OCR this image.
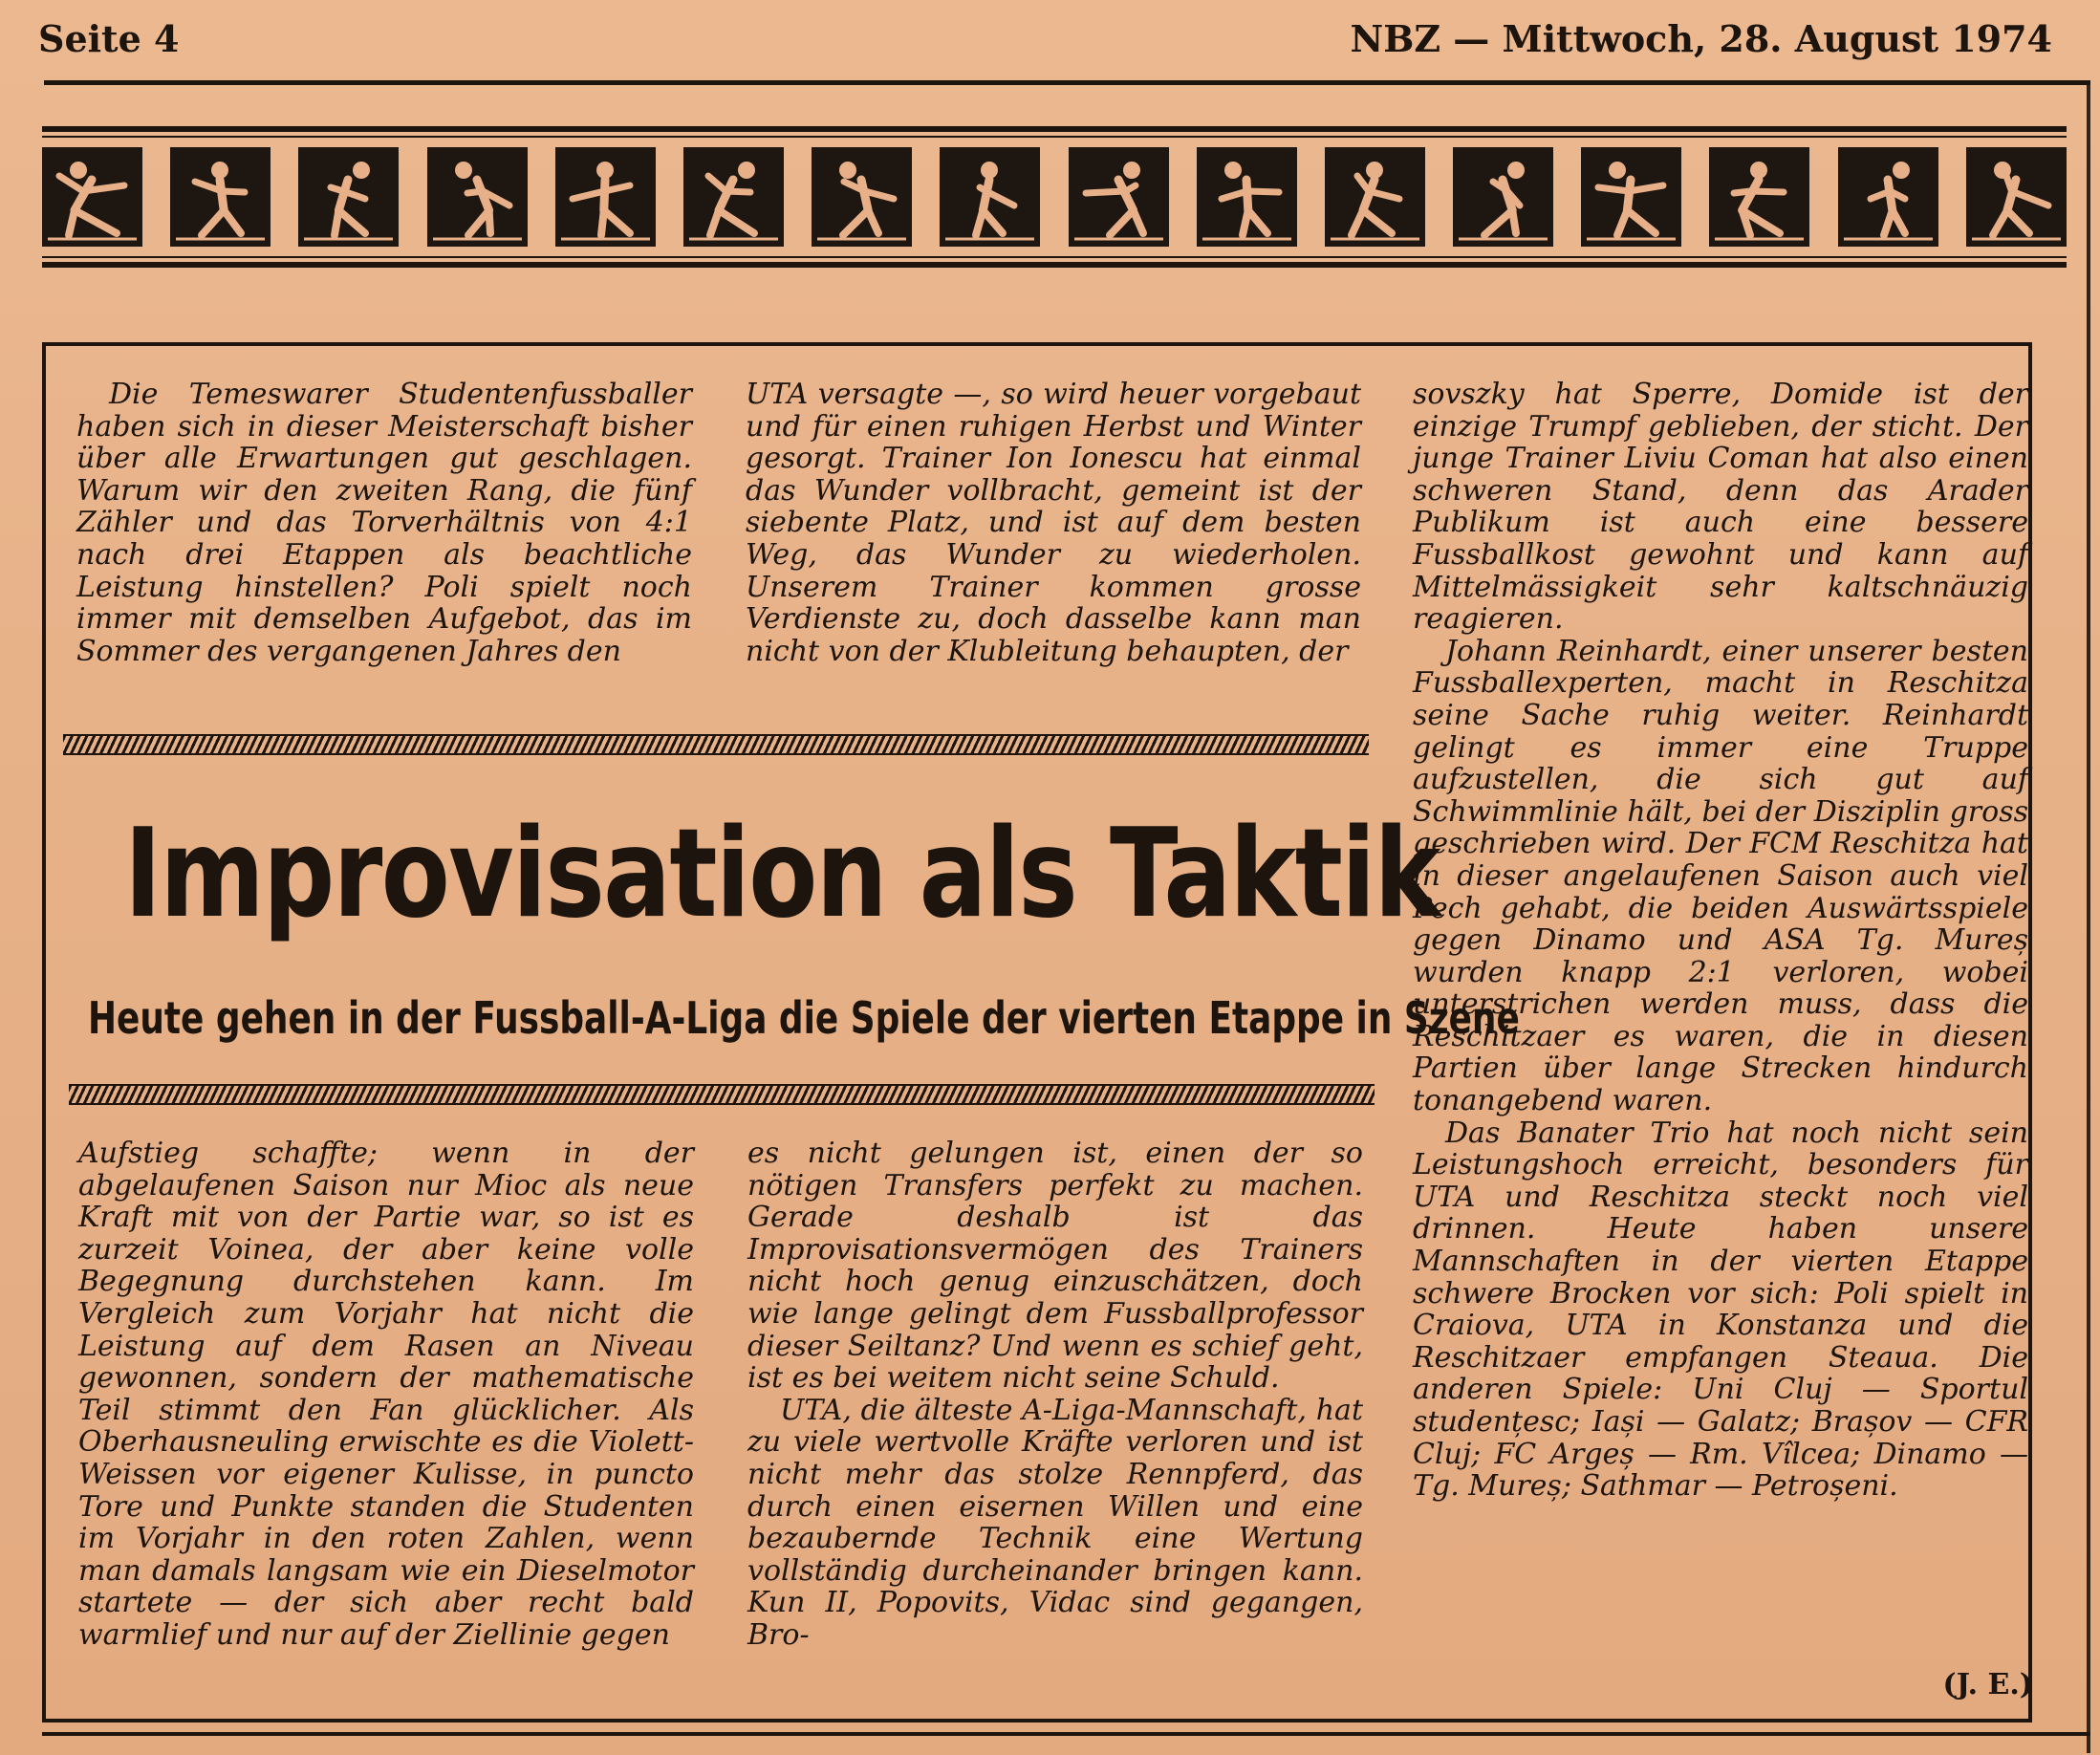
Seite 4	NBZ — Mittwoch, 28. August 1974

Die Temeswarer Studentenfussballer haben sich in dieser Meisterschaft bisher über alle Erwartungen gut geschlagen. Warum wir den zweiten Rang, die fünf Zähler und das Torverhältnis von 4:1 nach drei Etappen als beachtliche Leistung hinstellen? Poli spielt noch immer mit demselben Aufgebot, das im Sommer des vergangenen Jahres den

UTA versagte —, so wird heuer vorgebaut und für einen ruhigen Herbst und Winter gesorgt. Trainer Ion Ionescu hat einmal das Wunder vollbracht, gemeint ist der siebente Platz, und ist auf dem besten Weg, das Wunder zu wiederholen. Unserem Trainer kommen grosse Verdienste zu, doch dasselbe kann man nicht von der Klubleitung behaupten, der

Improvisation als Taktik
Heute gehen in der Fussball-A-Liga die Spiele der vierten Etappe in Szene

Aufstieg schaffte; wenn in der abgelaufenen Saison nur Mioc als neue Kraft mit von der Partie war, so ist es zurzeit Voinea, der aber keine volle Begegnung durchstehen kann. Im Vergleich zum Vorjahr hat nicht die Leistung auf dem Rasen an Niveau gewonnen, sondern der mathematische Teil stimmt den Fan glücklicher. Als Oberhausneuling erwischte es die Violett-Weissen vor eigener Kulisse, in puncto Tore und Punkte standen die Studenten im Vorjahr in den roten Zahlen, wenn man damals langsam wie ein Dieselmotor startete — der sich aber recht bald warmlief und nur auf der Ziellinie gegen

es nicht gelungen ist, einen der so nötigen Transfers perfekt zu machen. Gerade deshalb ist das Improvisationsvermögen des Trainers nicht hoch genug einzuschätzen, doch wie lange gelingt dem Fussballprofessor dieser Seiltanz? Und wenn es schief geht, ist es bei weitem nicht seine Schuld.

UTA, die älteste A-Liga-Mannschaft, hat zu viele wertvolle Kräfte verloren und ist nicht mehr das stolze Rennpferd, das durch einen eisernen Willen und eine bezaubernde Technik eine Wertung vollständig durcheinander bringen kann. Kun II, Popovits, Vidac sind gegangen, Bro-

sovszky hat Sperre, Domide ist der einzige Trumpf geblieben, der sticht. Der junge Trainer Liviu Coman hat also einen schweren Stand, denn das Arader Publikum ist auch eine bessere Fussballkost gewohnt und kann auf Mittelmässigkeit sehr kaltschnäuzig reagieren.

Johann Reinhardt, einer unserer besten Fussballexperten, macht in Reschitza seine Sache ruhig weiter. Reinhardt gelingt es immer eine Truppe aufzustellen, die sich gut auf Schwimmlinie hält, bei der Disziplin gross geschrieben wird. Der FCM Reschitza hat in dieser angelaufenen Saison auch viel Pech gehabt, die beiden Auswärtsspiele gegen Dinamo und ASA Tg. Mureș wurden knapp 2:1 verloren, wobei unterstrichen werden muss, dass die Reschitzaer es waren, die in diesen Partien über lange Strecken hindurch tonangebend waren.

Das Banater Trio hat noch nicht sein Leistungshoch erreicht, besonders für UTA und Reschitza steckt noch viel drinnen. Heute haben unsere Mannschaften in der vierten Etappe schwere Brocken vor sich: Poli spielt in Craiova, UTA in Konstanza und die Reschitzaer empfangen Steaua. Die anderen Spiele: Uni Cluj — Sportul studențesc; Iași — Galatz; Brașov — CFR Cluj; FC Argeș — Rm. Vîlcea; Dinamo — Tg. Mureș; Sathmar — Petroșeni.

(J. E.)
